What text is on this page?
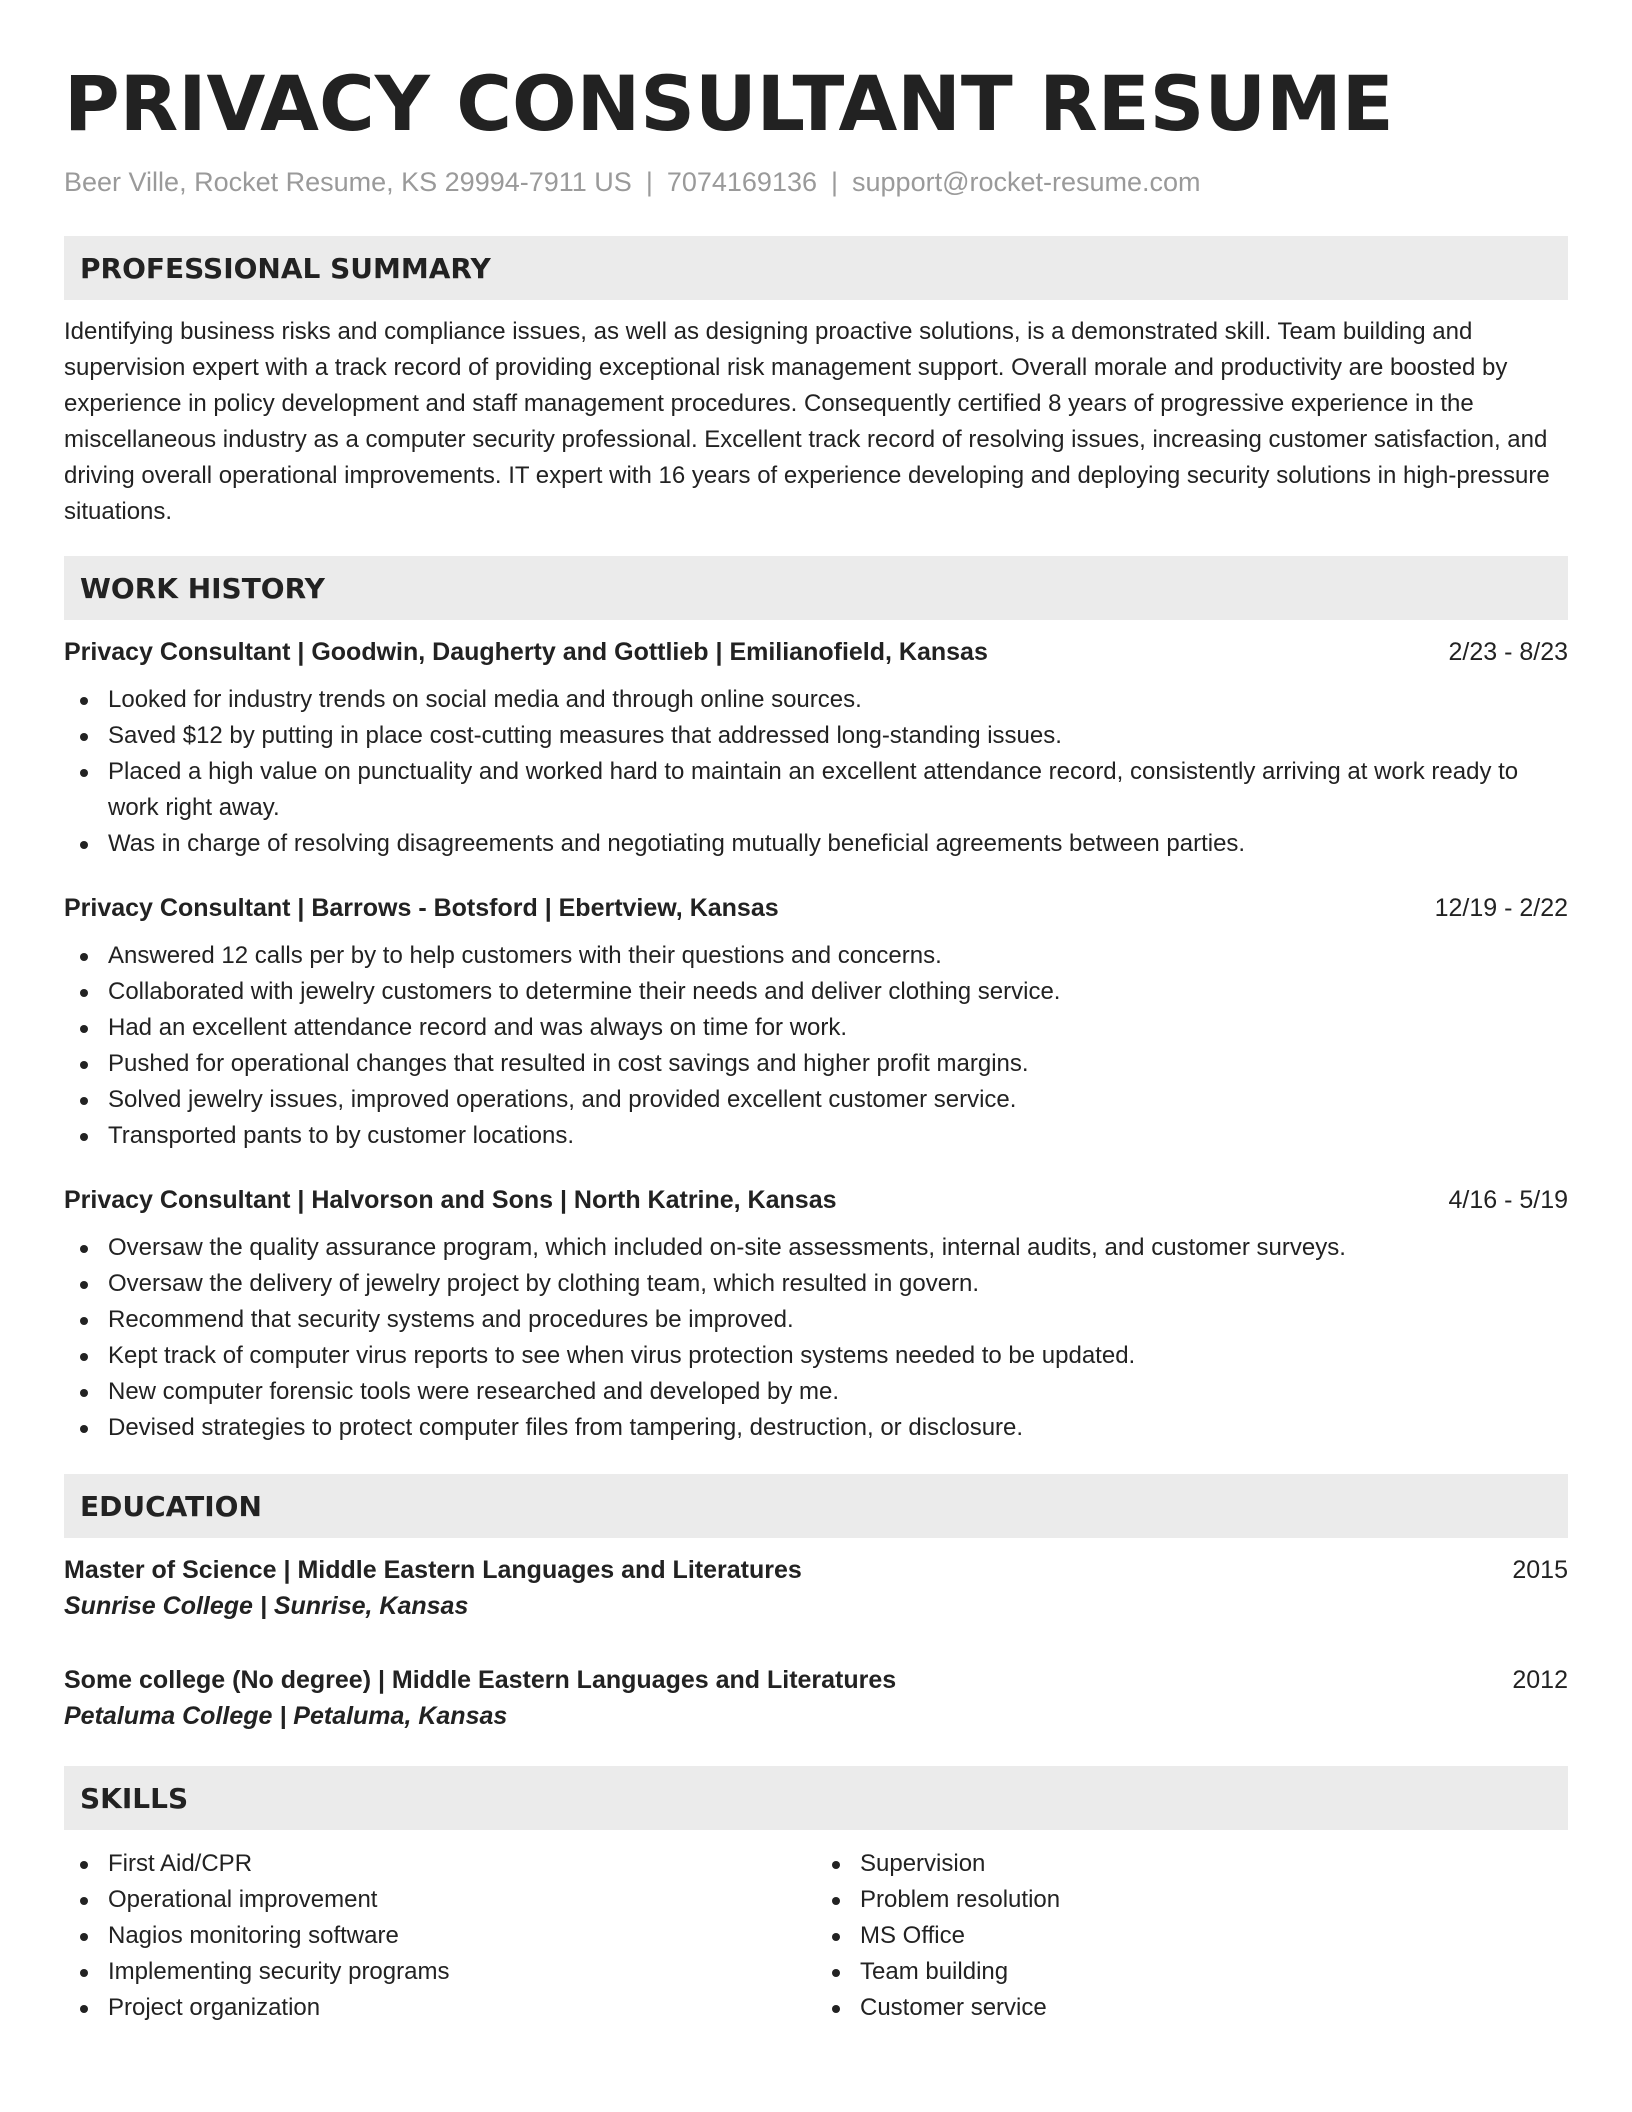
PRIVACY CONSULTANT RESUME
Beer Ville, Rocket Resume, KS 29994-7911 US | 7074169136 | support@rocket-resume.com
PROFESSIONAL SUMMARY

Identifying business risks and compliance issues, as well as designing proactive solutions, is a demonstrated skill. Team building and supervision expert with a track record of providing exceptional risk management support. Overall morale and productivity are boosted by experience in policy development and staff management procedures. Consequently certified 8 years of progressive experience in the miscellaneous industry as a computer security professional. Excellent track record of resolving issues, increasing customer satisfaction, and driving overall operational improvements. IT expert with 16 years of experience developing and deploying security solutions in high-pressure situations.

WORK HISTORY
Privacy Consultant | Goodwin, Daugherty and Gottlieb | Emilianofield, Kansas	2/23 - 8/23
Looked for industry trends on social media and through online sources.
Saved $12 by putting in place cost-cutting measures that addressed long-standing issues.
Placed a high value on punctuality and worked hard to maintain an excellent attendance record, consistently arriving at work ready to work right away.
Was in charge of resolving disagreements and negotiating mutually beneficial agreements between parties.
Privacy Consultant | Barrows - Botsford | Ebertview, Kansas	12/19 - 2/22
Answered 12 calls per by to help customers with their questions and concerns.
Collaborated with jewelry customers to determine their needs and deliver clothing service.
Had an excellent attendance record and was always on time for work.
Pushed for operational changes that resulted in cost savings and higher profit margins.
Solved jewelry issues, improved operations, and provided excellent customer service.
Transported pants to by customer locations.
Privacy Consultant | Halvorson and Sons | North Katrine, Kansas	4/16 - 5/19
Oversaw the quality assurance program, which included on-site assessments, internal audits, and customer surveys.
Oversaw the delivery of jewelry project by clothing team, which resulted in govern.
Recommend that security systems and procedures be improved.
Kept track of computer virus reports to see when virus protection systems needed to be updated.
New computer forensic tools were researched and developed by me.
Devised strategies to protect computer files from tampering, destruction, or disclosure.
EDUCATION
Master of Science | Middle Eastern Languages and Literatures	2015
Sunrise College | Sunrise, Kansas
Some college (No degree) | Middle Eastern Languages and Literatures	2012
Petaluma College | Petaluma, Kansas
SKILLS
First Aid/CPR
Operational improvement
Nagios monitoring software
Implementing security programs
Project organization
Supervision
Problem resolution
MS Office
Team building
Customer service
